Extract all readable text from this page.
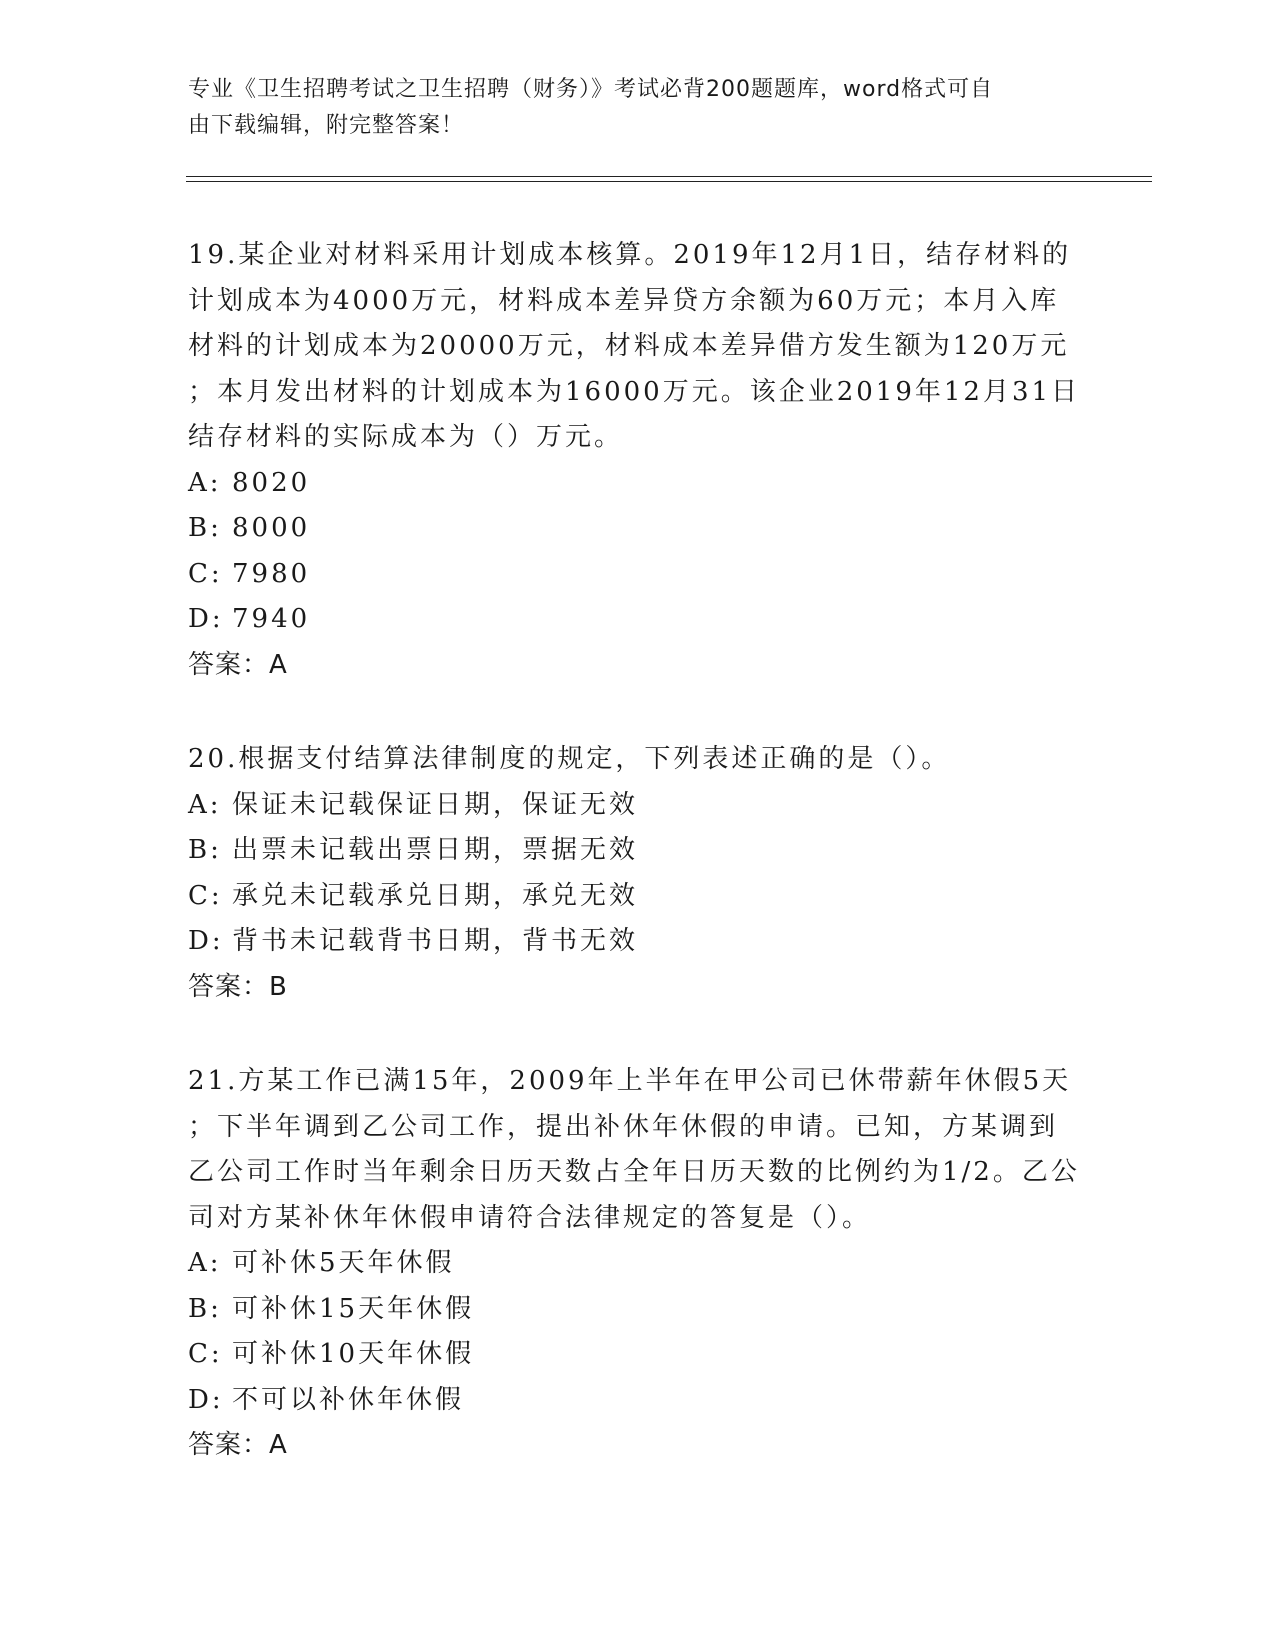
专业《卫生招聘考试之卫生招聘（财务）》考试必背200题题库，word格式可自
由下载编辑，附完整答案！

19.某企业对材料采用计划成本核算。2019年12月1日，结存材料的

计划成本为4000万元，材料成本差异贷方余额为60万元；本月入库

材料的计划成本为20000万元，材料成本差异借方发生额为120万元

；本月发出材料的计划成本为16000万元。该企业2019年12月31日

结存材料的实际成本为（）万元。

A: 8020

B: 8000

C: 7980

D: 7940

答案：A

20.根据支付结算法律制度的规定，下列表述正确的是（）。

A: 保证未记载保证日期，保证无效

B: 出票未记载出票日期，票据无效

C: 承兑未记载承兑日期，承兑无效

D: 背书未记载背书日期，背书无效

答案：B

21.方某工作已满15年，2009年上半年在甲公司已休带薪年休假5天

；下半年调到乙公司工作，提出补休年休假的申请。已知，方某调到

乙公司工作时当年剩余日历天数占全年日历天数的比例约为1/2。乙公

司对方某补休年休假申请符合法律规定的答复是（）。

A: 可补休5天年休假

B: 可补休15天年休假

C: 可补休10天年休假

D: 不可以补休年休假

答案：A
